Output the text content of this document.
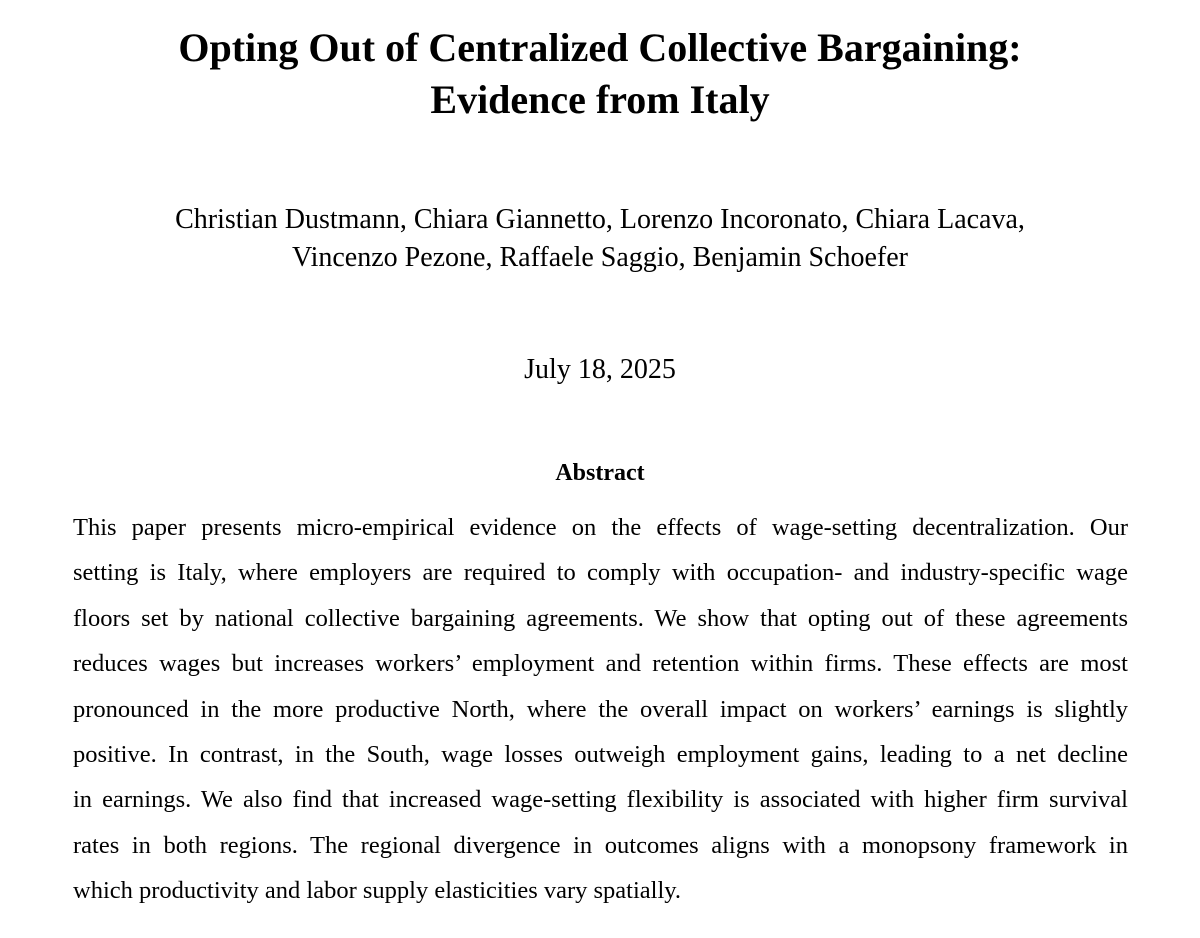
Opting Out of Centralized Collective Bargaining:
Evidence from Italy
Christian Dustmann, Chiara Giannetto, Lorenzo Incoronato, Chiara Lacava,
Vincenzo Pezone, Raffaele Saggio, Benjamin Schoefer
July 18, 2025
Abstract
This paper presents micro-empirical evidence on the effects of wage-setting decentralization. Our
setting is Italy, where employers are required to comply with occupation- and industry-specific wage
floors set by national collective bargaining agreements. We show that opting out of these agreements
reduces wages but increases workers’ employment and retention within firms. These effects are most
pronounced in the more productive North, where the overall impact on workers’ earnings is slightly
positive. In contrast, in the South, wage losses outweigh employment gains, leading to a net decline
in earnings. We also find that increased wage-setting flexibility is associated with higher firm survival
rates in both regions. The regional divergence in outcomes aligns with a monopsony framework in
which productivity and labor supply elasticities vary spatially.
